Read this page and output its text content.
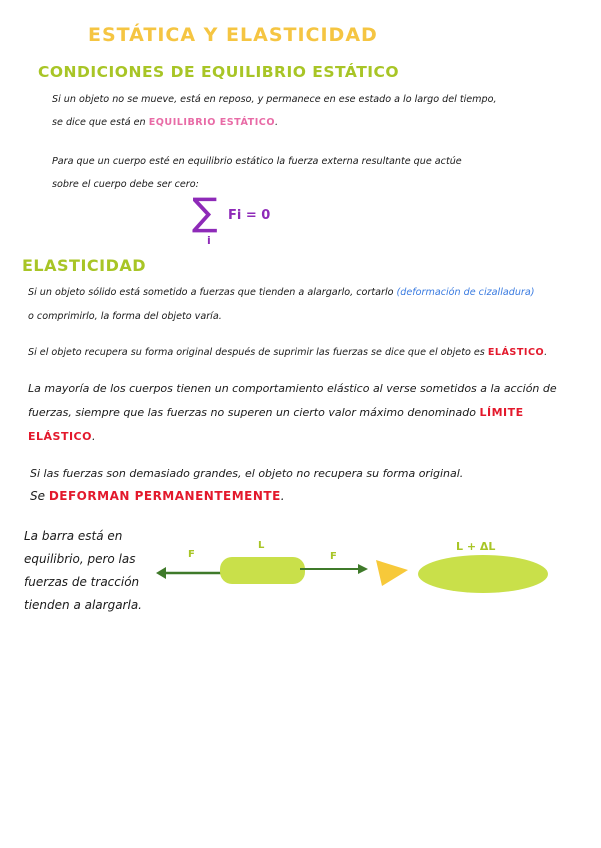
ESTÁTICA Y ELASTICIDAD
CONDICIONES DE EQUILIBRIO ESTÁTICO
Si un objeto no se mueve, está en reposo, y permanece en ese estado a lo largo del tiempo,
se dice que está en EQUILIBRIO ESTÁTICO.
Para que un cuerpo esté en equilibrio estático la fuerza externa resultante que actúe
sobre el cuerpo debe ser cero:
∑
i
Fi = 0
ELASTICIDAD
Si un objeto sólido está sometido a fuerzas que tienden a alargarlo, cortarlo (deformación de cizalladura)
o comprimirlo, la forma del objeto varía.
Si el objeto recupera su forma original después de suprimir las fuerzas se dice que el objeto es ELÁSTICO.
La mayoría de los cuerpos tienen un comportamiento elástico al verse sometidos a la acción de
fuerzas, siempre que las fuerzas no superen un cierto valor máximo denominado LÍMITE
ELÁSTICO.
Si las fuerzas son demasiado grandes, el objeto no recupera su forma original.
Se DEFORMAN PERMANENTEMENTE.
La barra está en
equilibrio, pero las
fuerzas de tracción
tienden a alargarla.
F
L
F
L + ΔL
